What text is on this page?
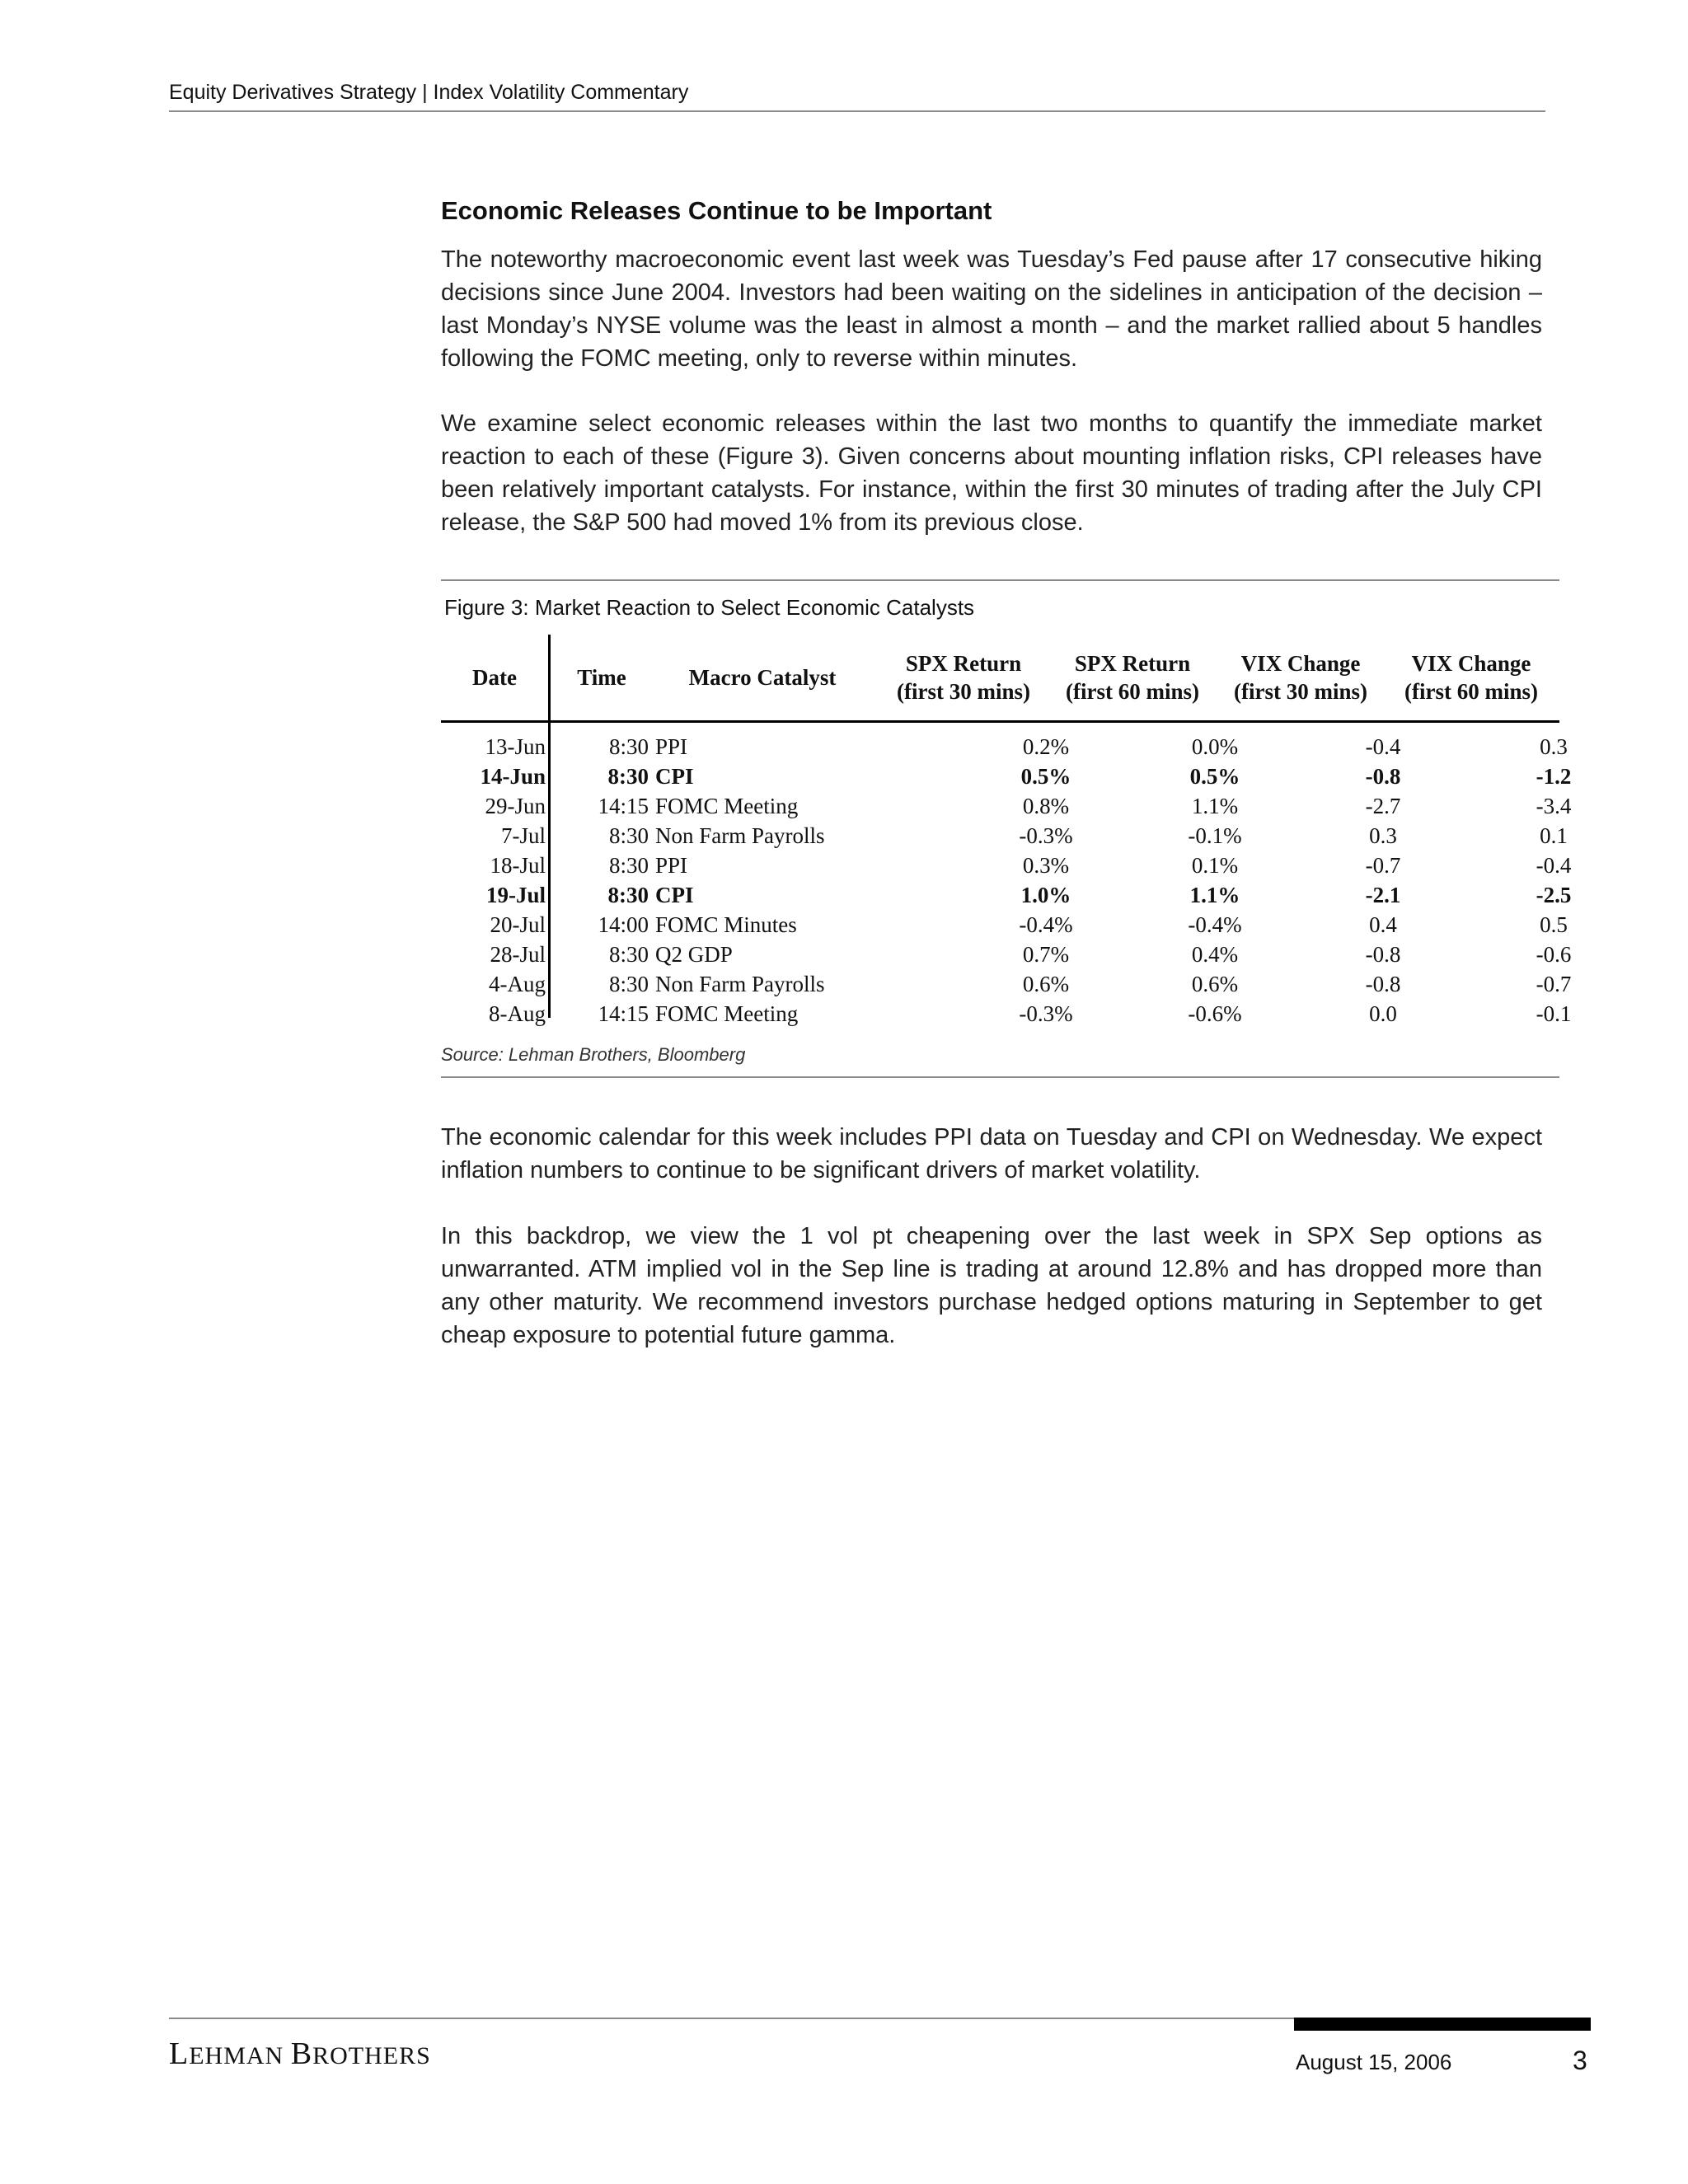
Equity Derivatives Strategy | Index Volatility Commentary
Economic Releases Continue to be Important
The noteworthy macroeconomic event last week was Tuesday’s Fed pause after 17 consecutive hiking decisions since June 2004. Investors had been waiting on the sidelines in anticipation of the decision – last Monday’s NYSE volume was the least in almost a month – and the market rallied about 5 handles following the FOMC meeting, only to reverse within minutes.
We examine select economic releases within the last two months to quantify the immediate market reaction to each of these (Figure 3). Given concerns about mounting inflation risks, CPI releases have been relatively important catalysts. For instance, within the first 30 minutes of trading after the July CPI release, the S&P 500 had moved 1% from its previous close.
Figure 3: Market Reaction to Select Economic Catalysts
Date	Time	Macro Catalyst
SPX Return
(first 30 mins)
SPX Return
(first 60 mins)
VIX Change
(first 30 mins)
VIX Change
(first 60 mins)
13-Jun	8:30 PPI	0.2%	0.0%	-0.4	0.3
14-Jun	8:30 CPI	0.5%	0.5%	-0.8	-1.2
29-Jun 14:15 FOMC Meeting	0.8%	1.1%	-2.7	-3.4
7-Jul	8:30 Non Farm Payrolls	-0.3%	-0.1%	0.3	0.1
18-Jul	8:30 PPI	0.3%	0.1%	-0.7	-0.4
19-Jul	8:30 CPI	1.0%	1.1%	-2.1	-2.5
20-Jul 14:00 FOMC Minutes	-0.4%	-0.4%	0.4	0.5
28-Jul	8:30 Q2 GDP	0.7%	0.4%	-0.8	-0.6
4-Aug	8:30 Non Farm Payrolls	0.6%	0.6%	-0.8	-0.7
8-Aug 14:15 FOMC Meeting	-0.3%	-0.6%	0.0	-0.1
Source: Lehman Brothers, Bloomberg
The economic calendar for this week includes PPI data on Tuesday and CPI on Wednesday. We expect inflation numbers to continue to be significant drivers of market volatility.
In this backdrop, we view the 1 vol pt cheapening over the last week in SPX Sep options as unwarranted. ATM implied vol in the Sep line is trading at around 12.8% and has dropped more than any other maturity. We recommend investors purchase hedged options maturing in September to get cheap exposure to potential future gamma.
LEHMAN BROTHERS	August 15, 2006	3
